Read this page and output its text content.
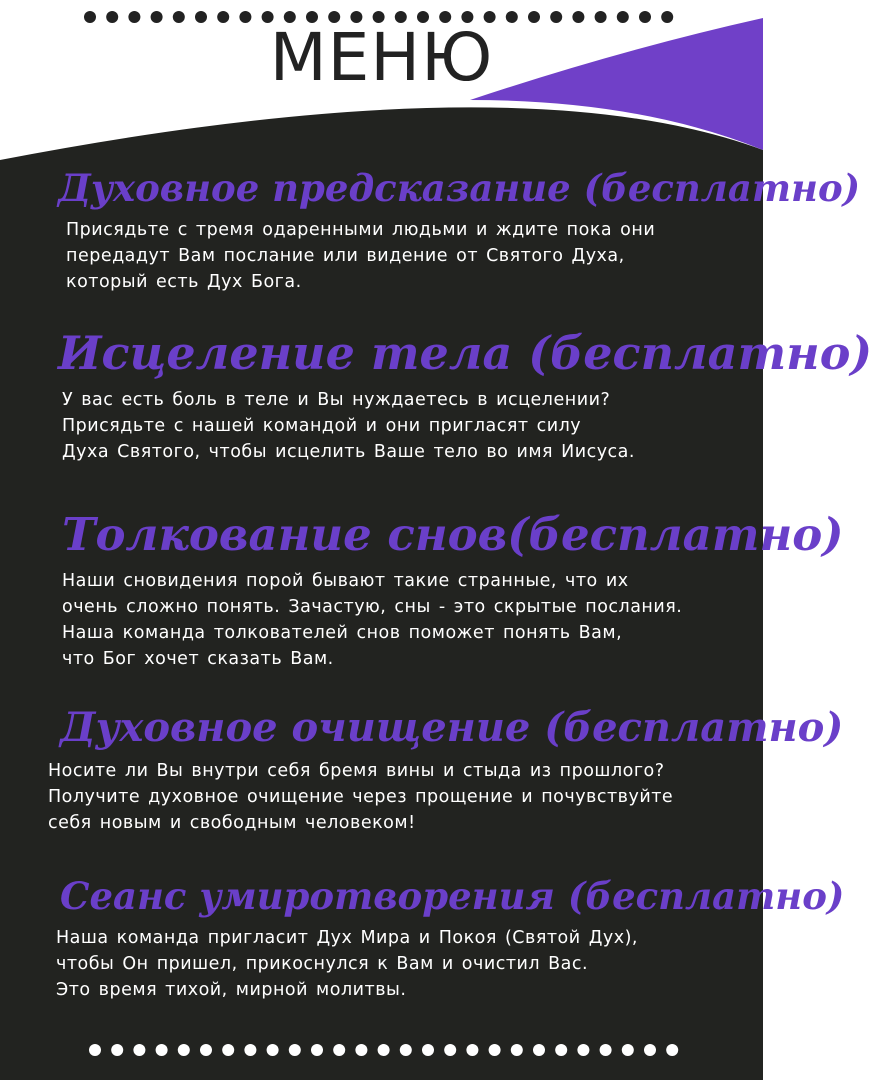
МЕНЮ
Духовное предсказание (бесплатно)
Присядьте с тремя одаренными людьми и ждите пока они
передадут Вам послание или видение от Святого Духа,
который есть Дух Бога.
Исцеление тела (бесплатно)
У вас есть боль в теле и Вы нуждаетесь в исцелении?
Присядьте с нашей командой и они пригласят силу
Духа Святого, чтобы исцелить Ваше тело во имя Иисуса.
Толкование снов(бесплатно)
Наши сновидения порой бывают такие странные, что их
очень сложно понять. Зачастую, сны - это скрытые послания.
Наша команда толкователей снов поможет понять Вам,
что Бог хочет сказать Вам.
Духовное очищение (бесплатно)
Носите ли Вы внутри себя бремя вины и стыда из прошлого?
Получите духовное очищение через прощение и почувствуйте
себя новым и свободным человеком!
Сеанс умиротворения (бесплатно)
Наша команда пригласит Дух Мира и Покоя (Святой Дух),
чтобы Он пришел, прикоснулся к Вам и очистил Вас.
Это время тихой, мирной молитвы.
